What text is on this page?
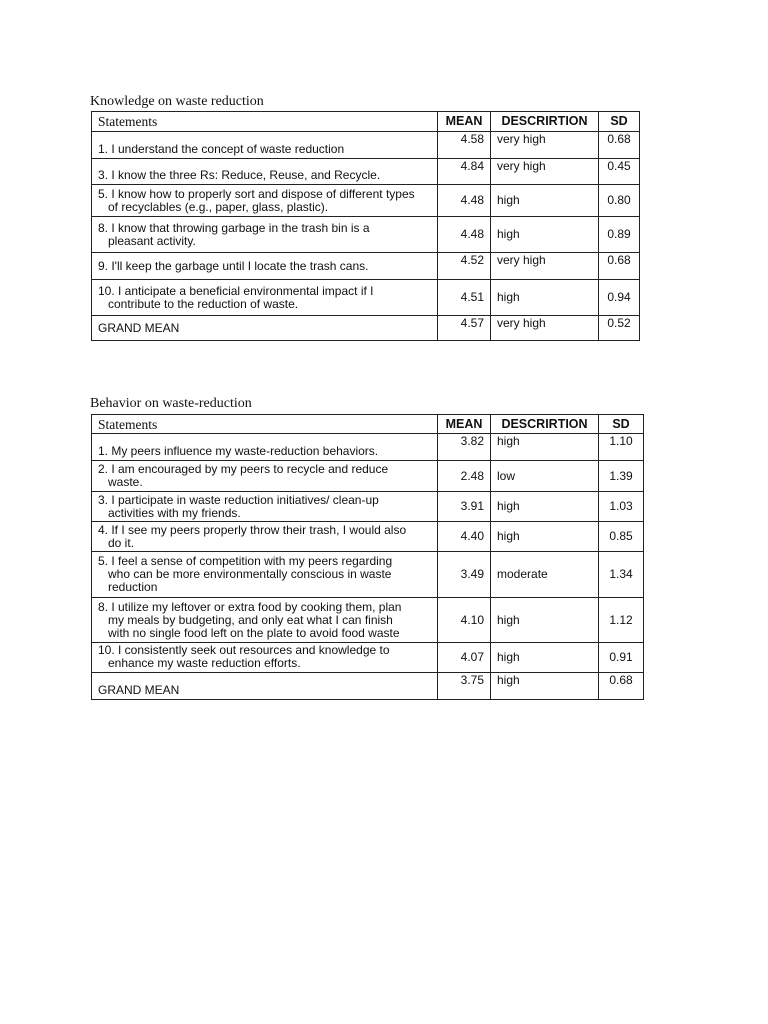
Knowledge on waste reduction
Statements	MEAN	DESCRIRTION	SD
1. I understand the concept of waste reduction	4.58	very high	0.68
3. I know the three Rs: Reduce, Reuse, and Recycle.	4.84	very high	0.45
5. I know how to properly sort and dispose of different types
of recyclables (e.g., paper, glass, plastic).	4.48	high	0.80
8. I know that throwing garbage in the trash bin is a
pleasant activity.	4.48	high	0.89
9. I'll keep the garbage until I locate the trash cans.	4.52	very high	0.68
10. I anticipate a beneficial environmental impact if I
contribute to the reduction of waste.	4.51	high	0.94
GRAND MEAN	4.57	very high	0.52
Behavior on waste-reduction
Statements	MEAN	DESCRIRTION	SD
1. My peers influence my waste-reduction behaviors.	3.82	high	1.10
2. I am encouraged by my peers to recycle and reduce
waste.	2.48	low	1.39
3. I participate in waste reduction initiatives/ clean-up
activities with my friends.	3.91	high	1.03
4. If I see my peers properly throw their trash, I would also
do it.	4.40	high	0.85
5. I feel a sense of competition with my peers regarding
who can be more environmentally conscious in waste
reduction	3.49	moderate	1.34
8. I utilize my leftover or extra food by cooking them, plan
my meals by budgeting, and only eat what I can finish
with no single food left on the plate to avoid food waste	4.10	high	1.12
10. I consistently seek out resources and knowledge to
enhance my waste reduction efforts.	4.07	high	0.91
GRAND MEAN	3.75	high	0.68
